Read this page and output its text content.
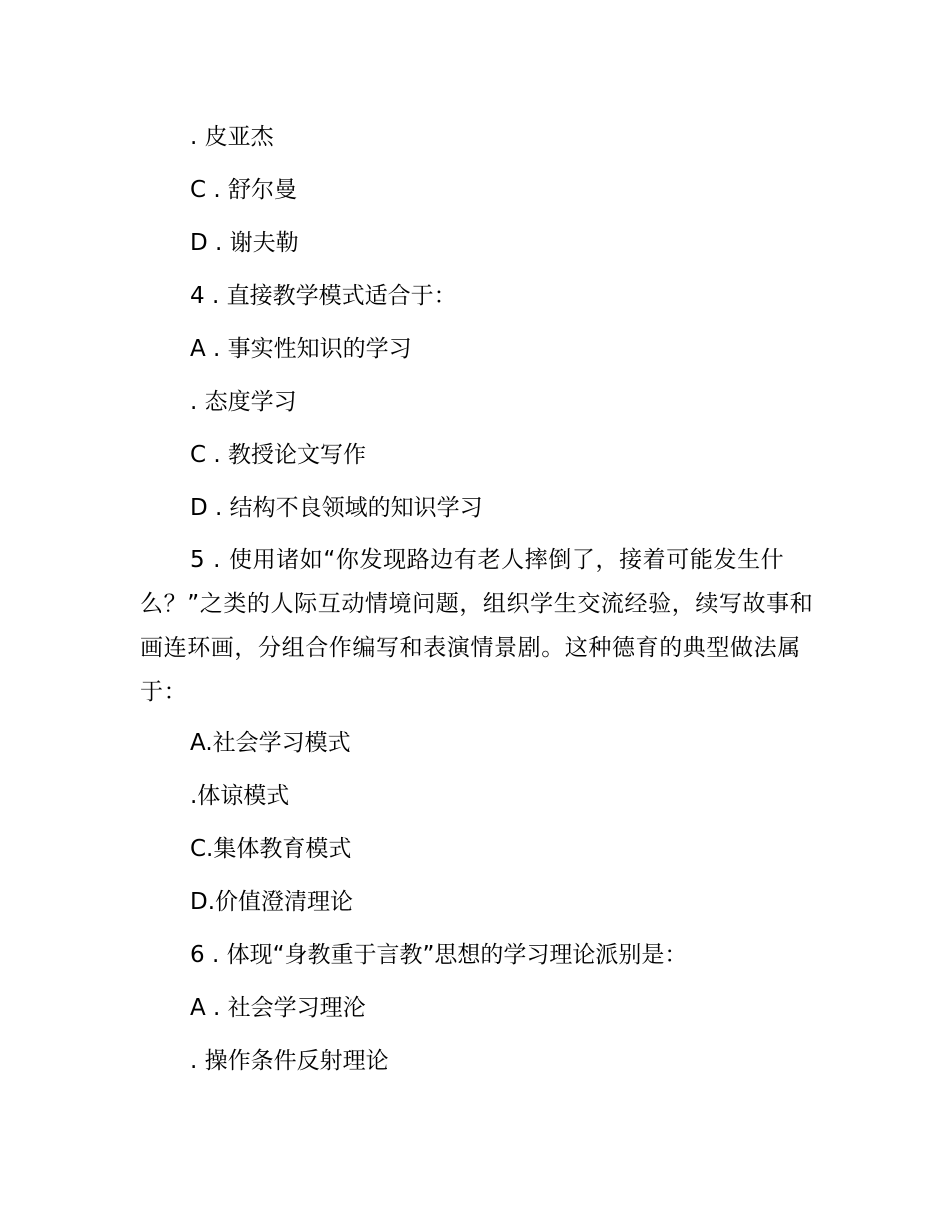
. 皮亚杰
C . 舒尔曼
D . 谢夫勒
4 . 直接教学模式适合于：
A . 事实性知识的学习
. 态度学习
C . 教授论文写作
D . 结构不良领域的知识学习
5 . 使用诸如“你发现路边有老人摔倒了，接着可能发生什么？”之类的人际互动情境问题，组织学生交流经验，续写故事和画连环画，分组合作编写和表演情景剧。这种德育的典型做法属于：
A.社会学习模式
.体谅模式
C.集体教育模式
D.价值澄清理论
6 . 体现“身教重于言教”思想的学习理论派别是：
A . 社会学习理沦
. 操作条件反射理论
